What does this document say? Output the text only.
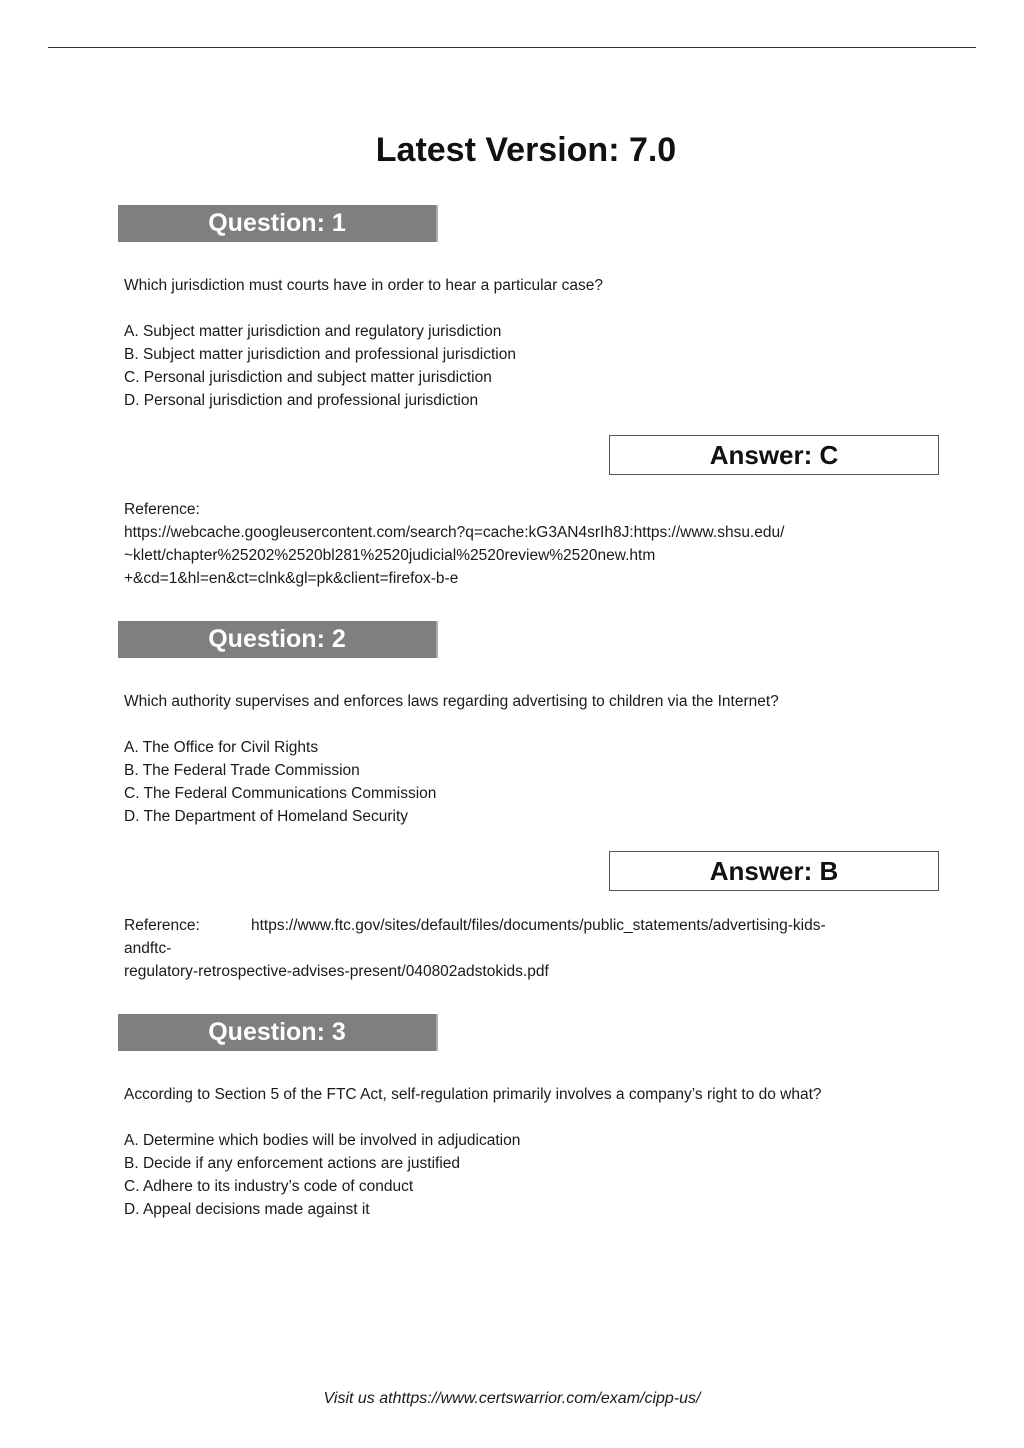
Latest Version: 7.0
Question: 1
Which jurisdiction must courts have in order to hear a particular case?
A. Subject matter jurisdiction and regulatory jurisdiction
B. Subject matter jurisdiction and professional jurisdiction
C. Personal jurisdiction and subject matter jurisdiction
D. Personal jurisdiction and professional jurisdiction
Answer: C
Reference:
https://webcache.googleusercontent.com/search?q=cache:kG3AN4srIh8J:https://www.shsu.edu/
~klett/chapter%25202%2520bl281%2520judicial%2520review%2520new.htm
+&cd=1&hl=en&ct=clnk&gl=pk&client=firefox-b-e
Question: 2
Which authority supervises and enforces laws regarding advertising to children via the Internet?
A. The Office for Civil Rights
B. The Federal Trade Commission
C. The Federal Communications Commission
D. The Department of Homeland Security
Answer: B
Reference:	https://www.ftc.gov/sites/default/files/documents/public_statements/advertising-kids-
andftc-
regulatory-retrospective-advises-present/040802adstokids.pdf
Question: 3
According to Section 5 of the FTC Act, self-regulation primarily involves a company’s right to do what?
A. Determine which bodies will be involved in adjudication
B. Decide if any enforcement actions are justified
C. Adhere to its industry’s code of conduct
D. Appeal decisions made against it
Visit us athttps://www.certswarrior.com/exam/cipp-us/
